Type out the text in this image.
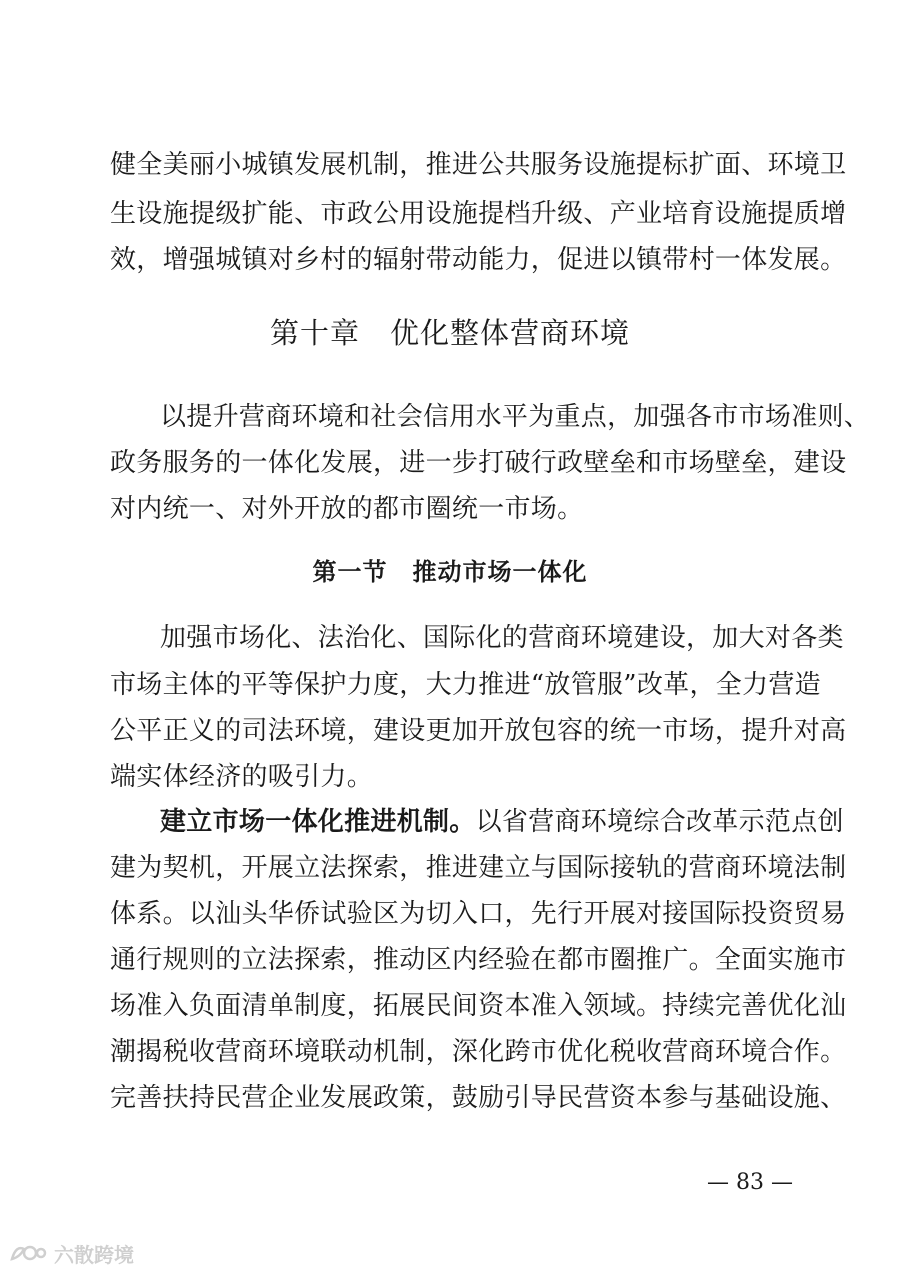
健全美丽小城镇发展机制，推进公共服务设施提标扩面、环境卫
生设施提级扩能、市政公用设施提档升级、产业培育设施提质增
效，增强城镇对乡村的辐射带动能力，促进以镇带村一体发展。
第十章　优化整体营商环境
以提升营商环境和社会信用水平为重点，加强各市市场准则、
政务服务的一体化发展，进一步打破行政壁垒和市场壁垒，建设
对内统一、对外开放的都市圈统一市场。
第一节　推动市场一体化
加强市场化、法治化、国际化的营商环境建设，加大对各类
市场主体的平等保护力度，大力推进“放管服”改革，全力营造
公平正义的司法环境，建设更加开放包容的统一市场，提升对高
端实体经济的吸引力。
建立市场一体化推进机制。以省营商环境综合改革示范点创
建为契机，开展立法探索，推进建立与国际接轨的营商环境法制
体系。以汕头华侨试验区为切入口，先行开展对接国际投资贸易
通行规则的立法探索，推动区内经验在都市圈推广。全面实施市
场准入负面清单制度，拓展民间资本准入领域。持续完善优化汕
潮揭税收营商环境联动机制，深化跨市优化税收营商环境合作。
完善扶持民营企业发展政策，鼓励引导民营资本参与基础设施、
— 83 —
六散跨境
